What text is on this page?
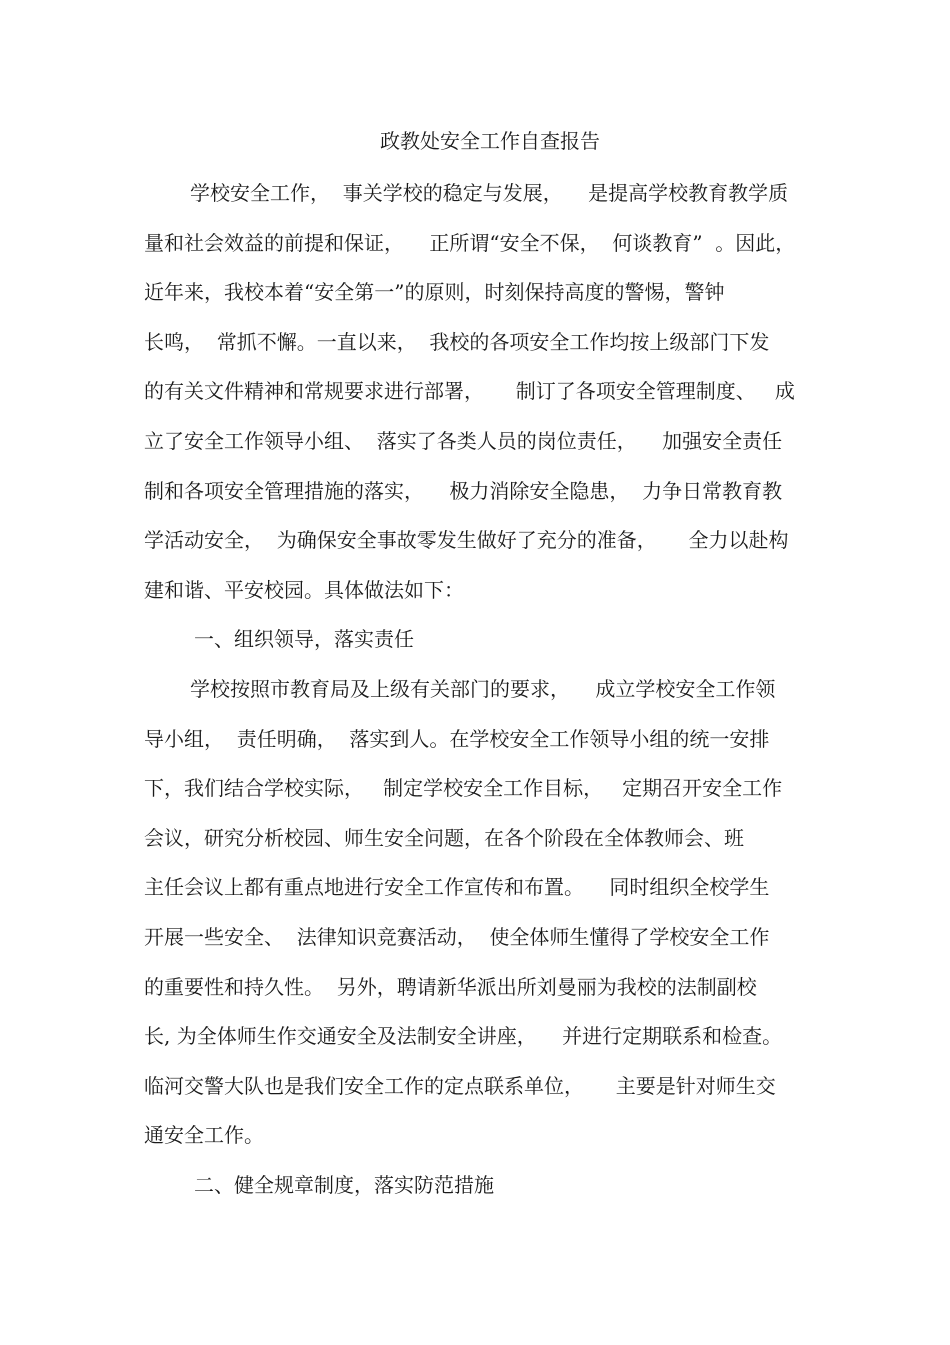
政教处安全工作自查报告
学校安全工作，  事关学校的稳定与发展，    是提高学校教育教学质
量和社会效益的前提和保证，    正所谓“安全不保，  何谈教育”  。因此，
近年来，我校本着“安全第一”的原则，时刻保持高度的警惕，警钟
长鸣，  常抓不懈。一直以来，  我校的各项安全工作均按上级部门下发
的有关文件精神和常规要求进行部署，     制订了各项安全管理制度、   成
立了安全工作领导小组、  落实了各类人员的岗位责任，    加强安全责任
制和各项安全管理措施的落实，    极力消除安全隐患，  力争日常教育教
学活动安全，  为确保安全事故零发生做好了充分的准备，     全力以赴构
建和谐、平安校园。具体做法如下：
一、组织领导，落实责任
学校按照市教育局及上级有关部门的要求，    成立学校安全工作领
导小组，  责任明确，  落实到人。在学校安全工作领导小组的统一安排
下，我们结合学校实际，   制定学校安全工作目标，   定期召开安全工作
会议，研究分析校园、师生安全问题，在各个阶段在全体教师会、班
主任会议上都有重点地进行安全工作宣传和布置。    同时组织全校学生
开展一些安全、  法律知识竞赛活动，  使全体师生懂得了学校安全工作
的重要性和持久性。  另外，聘请新华派出所刘曼丽为我校的法制副校
长, 为全体师生作交通安全及法制安全讲座，    并进行定期联系和检查。
临河交警大队也是我们安全工作的定点联系单位，     主要是针对师生交
通安全工作。
二、健全规章制度，落实防范措施
